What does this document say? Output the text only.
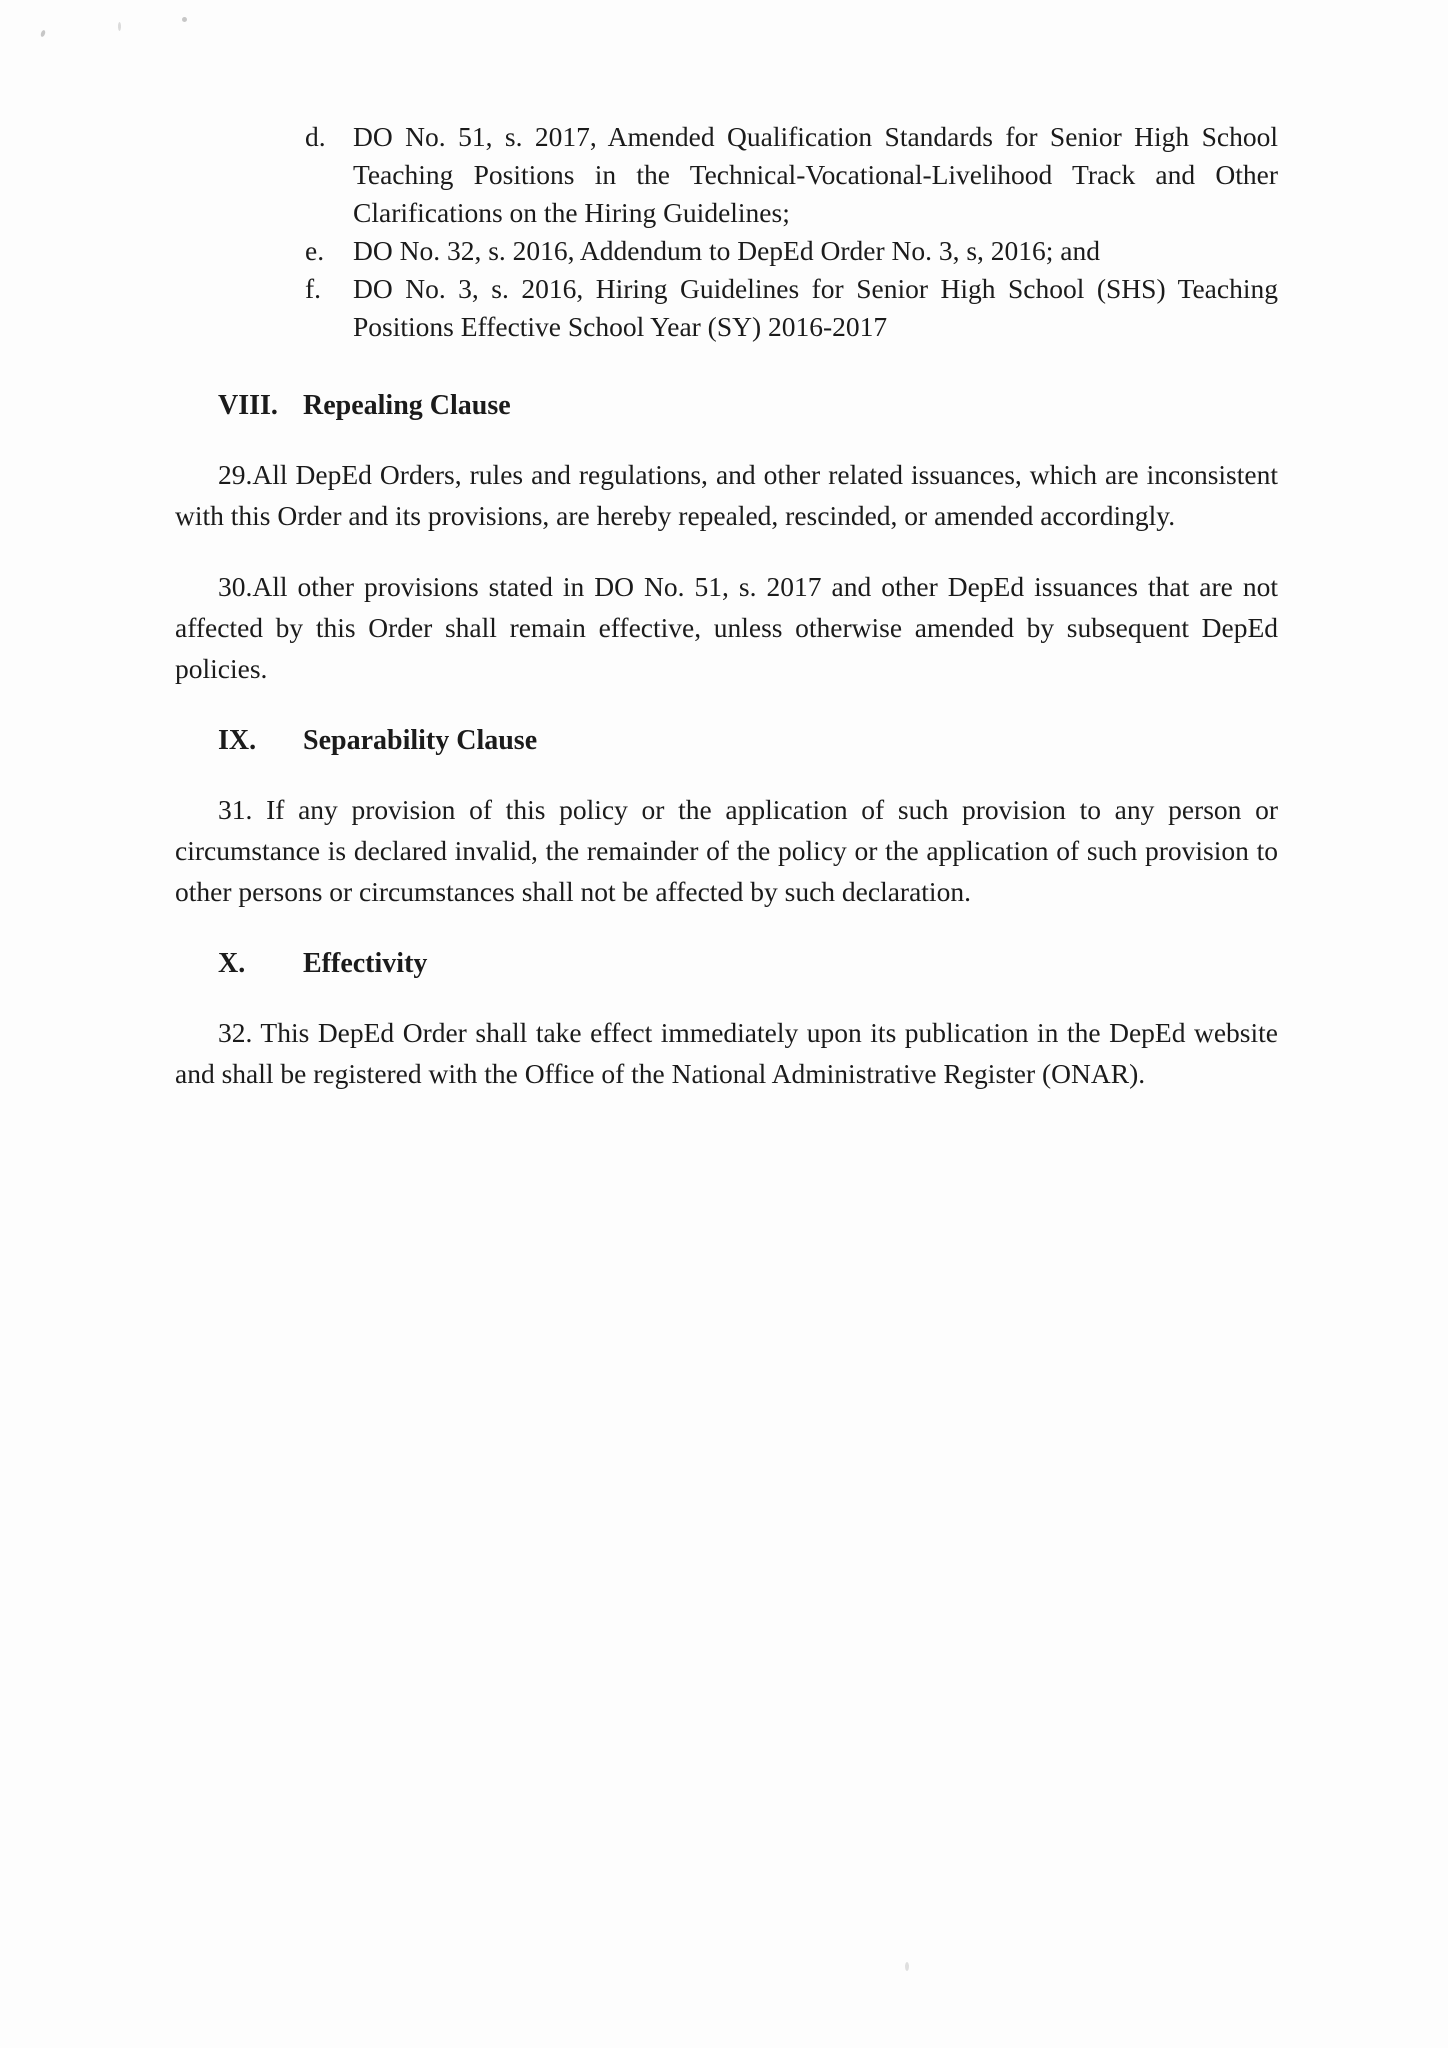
d. DO No. 51, s. 2017, Amended Qualification Standards for Senior High School Teaching Positions in the Technical-Vocational-Livelihood Track and Other Clarifications on the Hiring Guidelines;
e. DO No. 32, s. 2016, Addendum to DepEd Order No. 3, s, 2016; and
f. DO No. 3, s. 2016, Hiring Guidelines for Senior High School (SHS) Teaching Positions Effective School Year (SY) 2016-2017
VIII. Repealing Clause

29.All DepEd Orders, rules and regulations, and other related issuances, which are inconsistent with this Order and its provisions, are hereby repealed, rescinded, or amended accordingly.

30.All other provisions stated in DO No. 51, s. 2017 and other DepEd issuances that are not affected by this Order shall remain effective, unless otherwise amended by subsequent DepEd policies.

IX. Separability Clause

31. If any provision of this policy or the application of such provision to any person or circumstance is declared invalid, the remainder of the policy or the application of such provision to other persons or circumstances shall not be affected by such declaration.

X. Effectivity

32. This DepEd Order shall take effect immediately upon its publication in the DepEd website and shall be registered with the Office of the National Administrative Register (ONAR).
